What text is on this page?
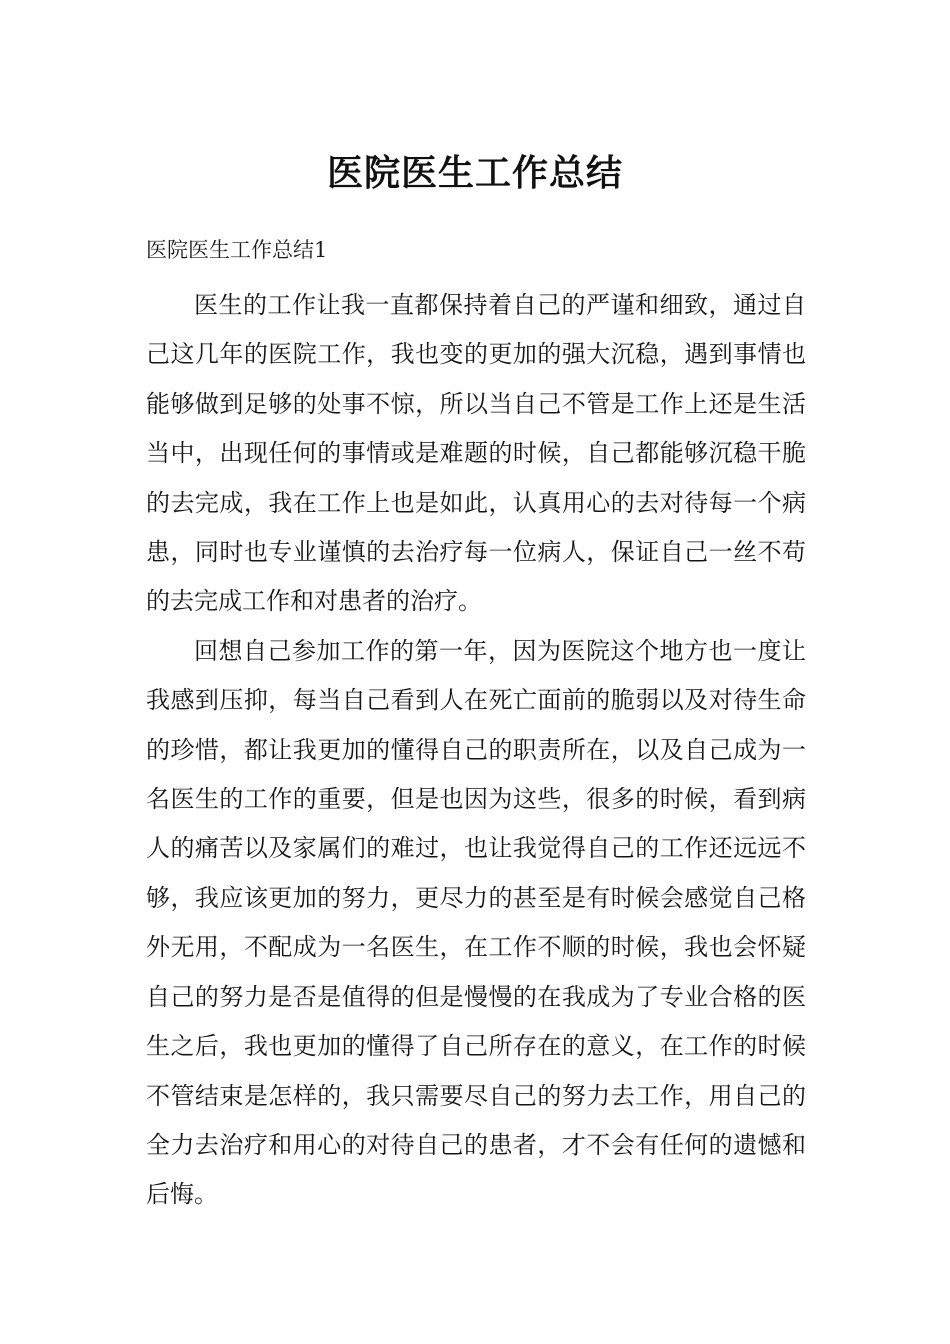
医院医生工作总结
医院医生工作总结1

医生的工作让我一直都保持着自己的严谨和细致，通过自己这几年的医院工作，我也变的更加的强大沉稳，遇到事情也能够做到足够的处事不惊，所以当自己不管是工作上还是生活当中，出现任何的事情或是难题的时候，自己都能够沉稳干脆的去完成，我在工作上也是如此，认真用心的去对待每一个病患，同时也专业谨慎的去治疗每一位病人，保证自己一丝不苟的去完成工作和对患者的治疗。

回想自己参加工作的第一年，因为医院这个地方也一度让我感到压抑，每当自己看到人在死亡面前的脆弱以及对待生命的珍惜，都让我更加的懂得自己的职责所在，以及自己成为一名医生的工作的重要，但是也因为这些，很多的时候，看到病人的痛苦以及家属们的难过，也让我觉得自己的工作还远远不够，我应该更加的努力，更尽力的甚至是有时候会感觉自己格外无用，不配成为一名医生，在工作不顺的时候，我也会怀疑自己的努力是否是值得的但是慢慢的在我成为了专业合格的医生之后，我也更加的懂得了自己所存在的意义，在工作的时候不管结束是怎样的，我只需要尽自己的努力去工作，用自己的全力去治疗和用心的对待自己的患者，才不会有任何的遗憾和后悔。
